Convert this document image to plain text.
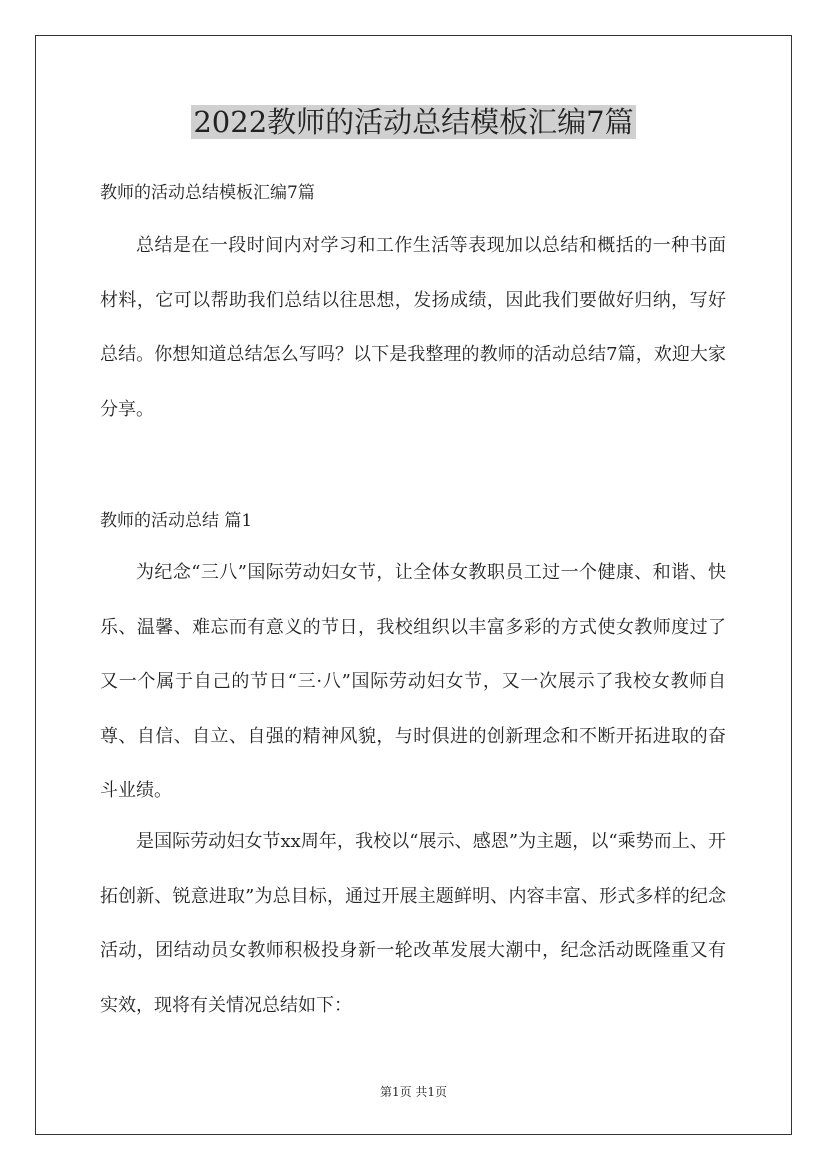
2022教师的活动总结模板汇编7篇
教师的活动总结模板汇编7篇

总结是在一段时间内对学习和工作生活等表现加以总结和概括的一种书面材料，它可以帮助我们总结以往思想，发扬成绩，因此我们要做好归纳，写好总结。你想知道总结怎么写吗？以下是我整理的教师的活动总结7篇，欢迎大家分享。

教师的活动总结 篇1

为纪念“三八”国际劳动妇女节，让全体女教职员工过一个健康、和谐、快乐、温馨、难忘而有意义的节日，我校组织以丰富多彩的方式使女教师度过了又一个属于自己的节日“三·八”国际劳动妇女节，又一次展示了我校女教师自尊、自信、自立、自强的精神风貌，与时俱进的创新理念和不断开拓进取的奋斗业绩。

是国际劳动妇女节xx周年，我校以“展示、感恩”为主题，以“乘势而上、开拓创新、锐意进取”为总目标，通过开展主题鲜明、内容丰富、形式多样的纪念活动，团结动员女教师积极投身新一轮改革发展大潮中，纪念活动既隆重又有实效，现将有关情况总结如下：

第1页 共1页
